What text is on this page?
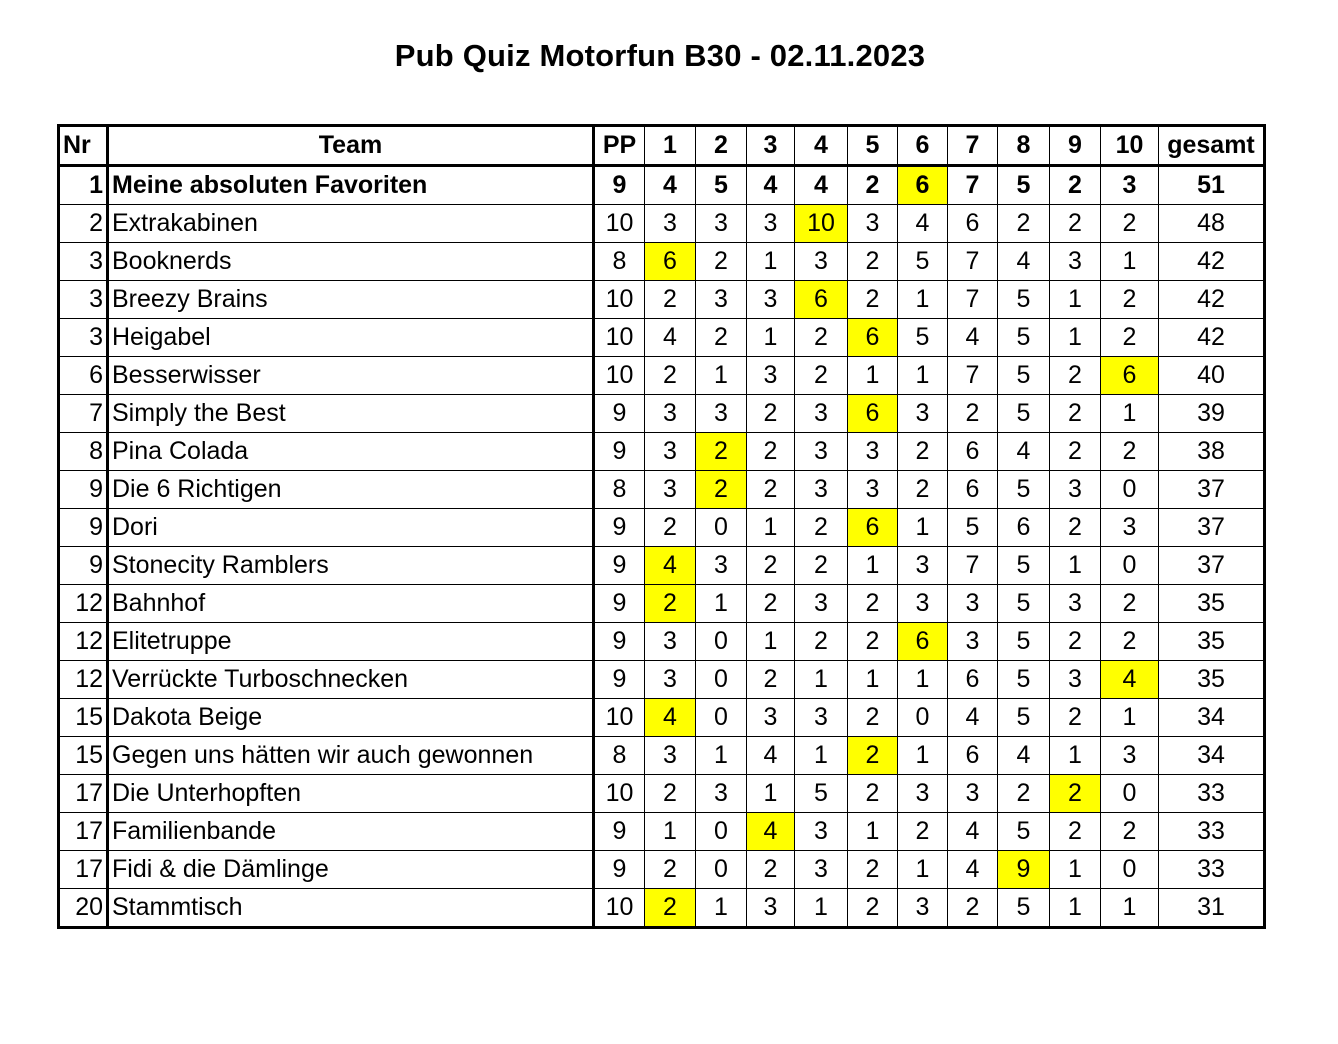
Pub Quiz Motorfun B30 - 02.11.2023
Nr	Team	PP	1	2	3	4	5	6	7	8	9	10	gesamt
1	Meine absoluten Favoriten	9	4	5	4	4	2	6	7	5	2	3	51
2	Extrakabinen	10	3	3	3	10	3	4	6	2	2	2	48
3	Booknerds	8	6	2	1	3	2	5	7	4	3	1	42
3	Breezy Brains	10	2	3	3	6	2	1	7	5	1	2	42
3	Heigabel	10	4	2	1	2	6	5	4	5	1	2	42
6	Besserwisser	10	2	1	3	2	1	1	7	5	2	6	40
7	Simply the Best	9	3	3	2	3	6	3	2	5	2	1	39
8	Pina Colada	9	3	2	2	3	3	2	6	4	2	2	38
9	Die 6 Richtigen	8	3	2	2	3	3	2	6	5	3	0	37
9	Dori	9	2	0	1	2	6	1	5	6	2	3	37
9	Stonecity Ramblers	9	4	3	2	2	1	3	7	5	1	0	37
12	Bahnhof	9	2	1	2	3	2	3	3	5	3	2	35
12	Elitetruppe	9	3	0	1	2	2	6	3	5	2	2	35
12	Verrückte Turboschnecken	9	3	0	2	1	1	1	6	5	3	4	35
15	Dakota Beige	10	4	0	3	3	2	0	4	5	2	1	34
15	Gegen uns hätten wir auch gewonnen	8	3	1	4	1	2	1	6	4	1	3	34
17	Die Unterhopften	10	2	3	1	5	2	3	3	2	2	0	33
17	Familienbande	9	1	0	4	3	1	2	4	5	2	2	33
17	Fidi & die Dämlinge	9	2	0	2	3	2	1	4	9	1	0	33
20	Stammtisch	10	2	1	3	1	2	3	2	5	1	1	31
